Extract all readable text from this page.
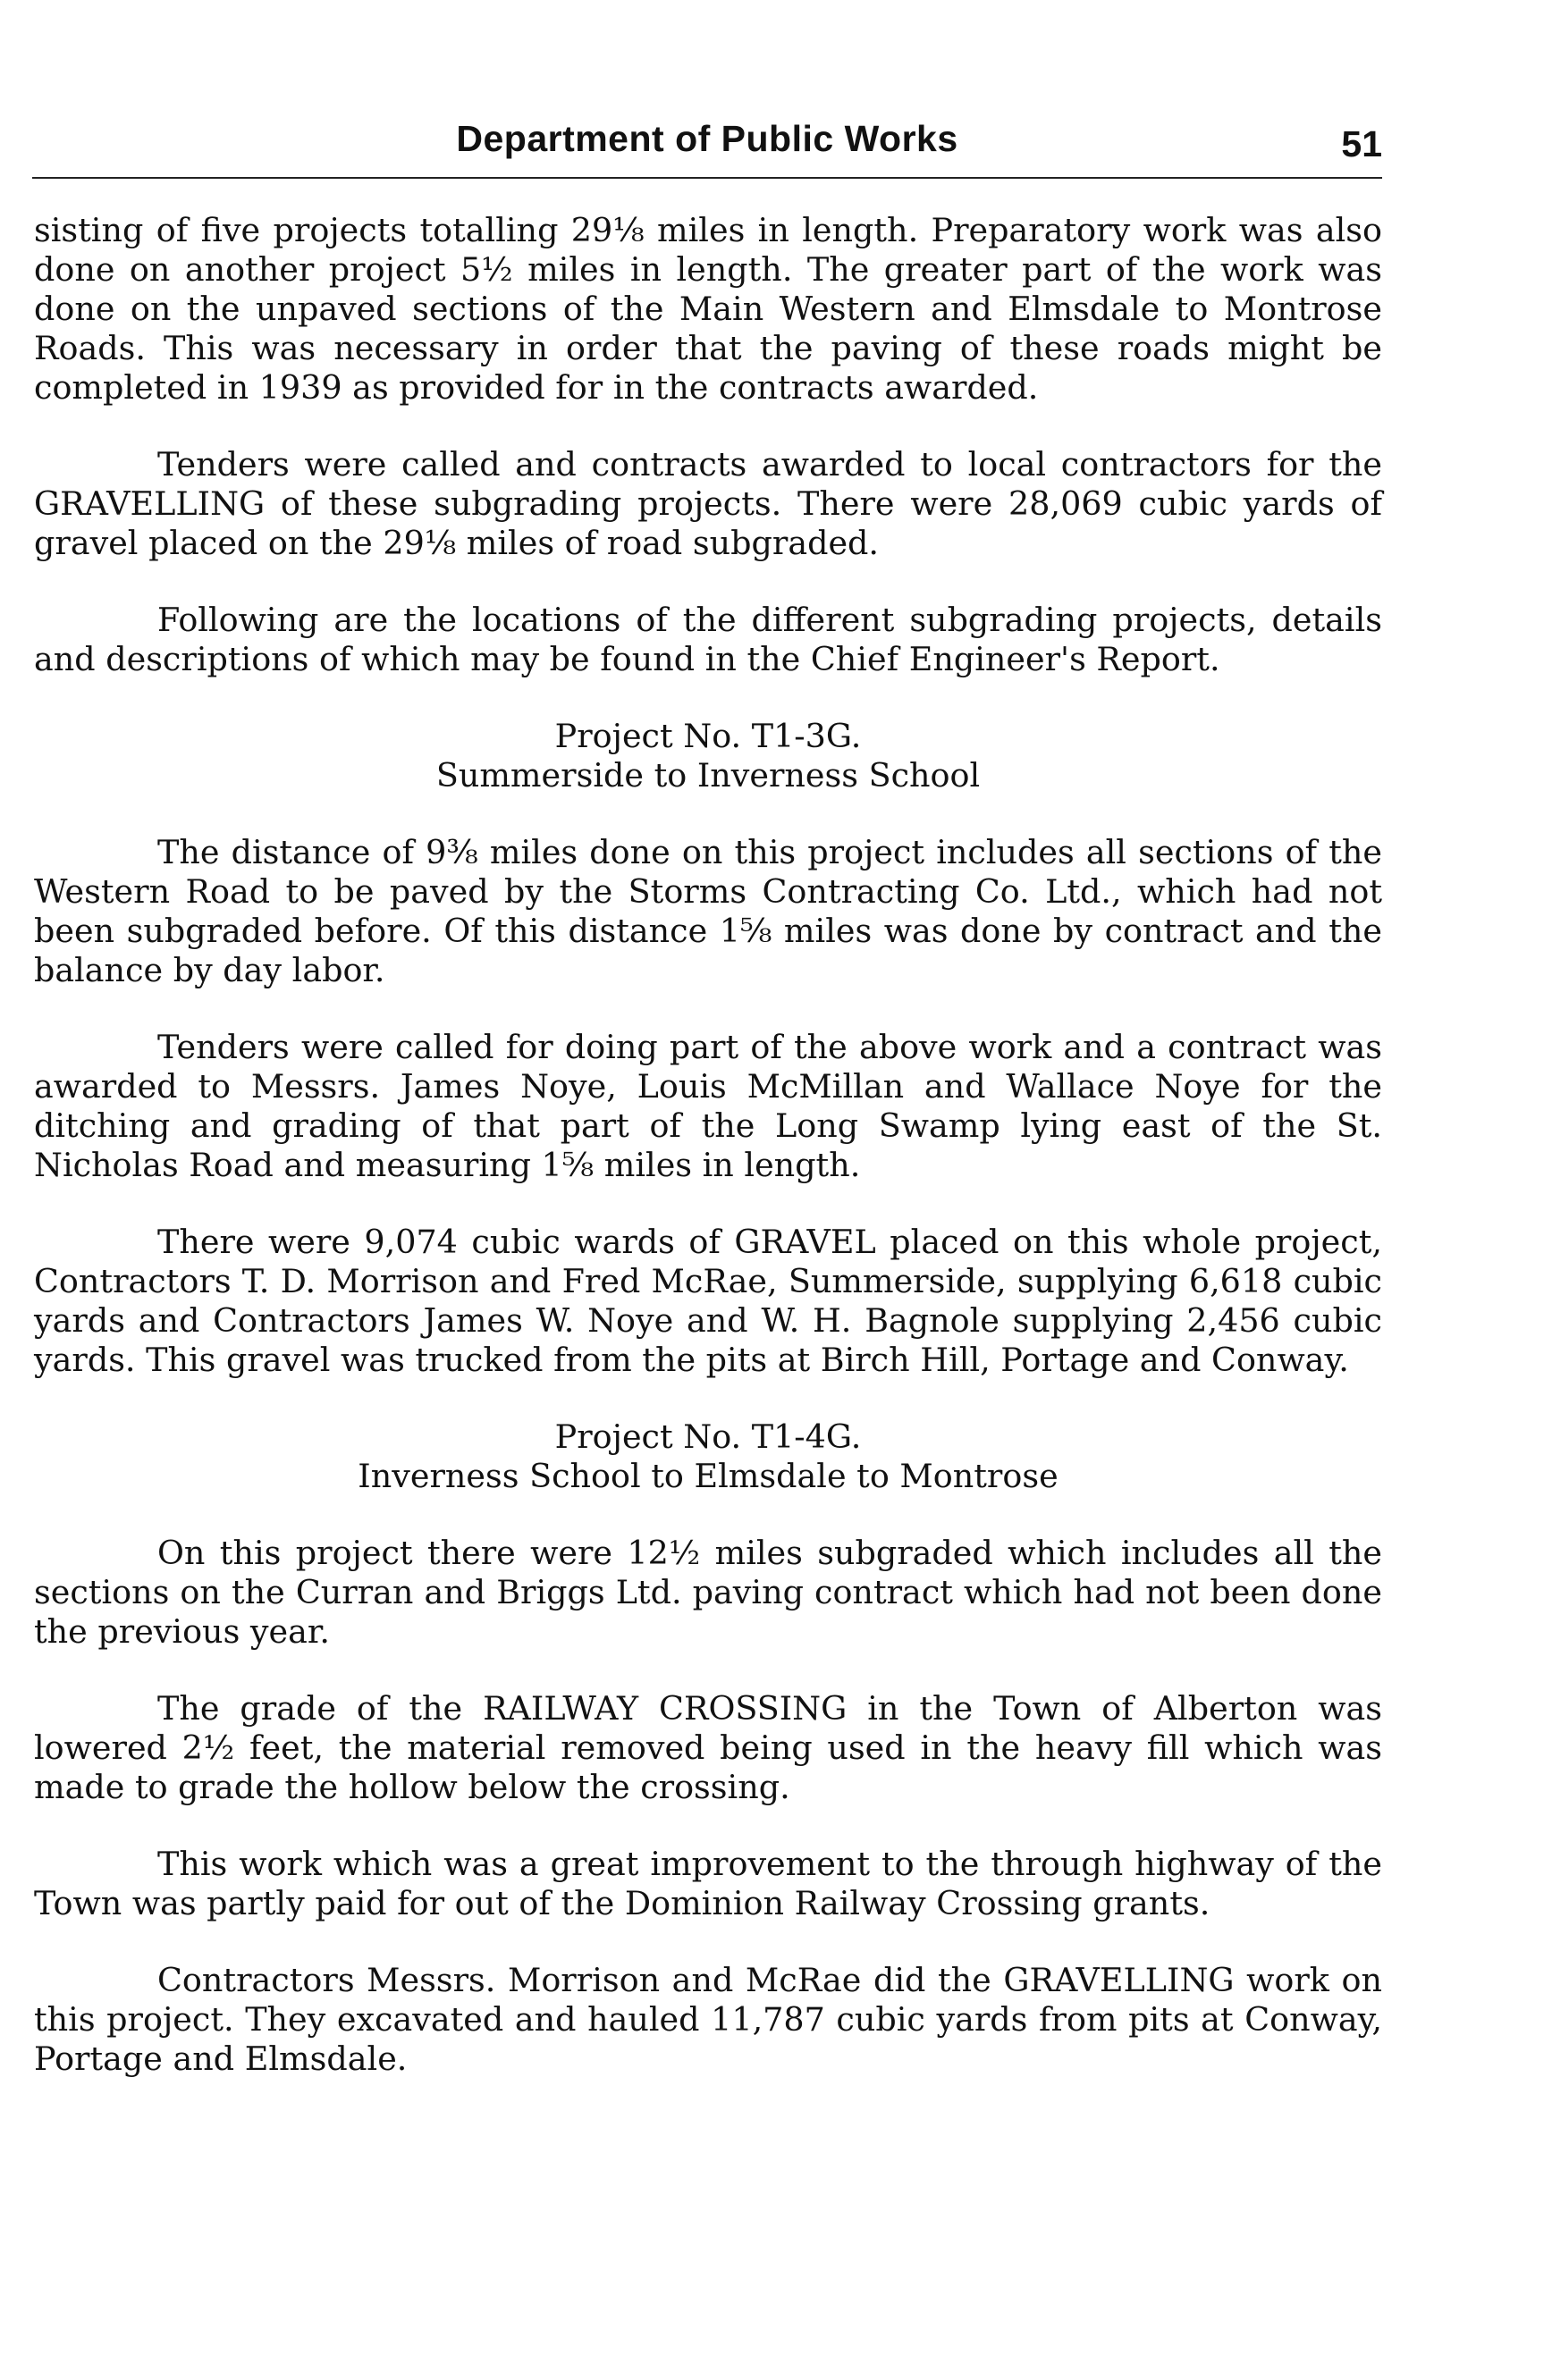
Department of Public Works	51

sisting of five projects totalling 29⅛ miles in length. Preparatory work was also done on another project 5½ miles in length. The greater part of the work was done on the unpaved sections of the Main Western and Elmsdale to Montrose Roads. This was necessary in order that the paving of these roads might be completed in 1939 as provided for in the contracts awarded.

Tenders were called and contracts awarded to local contractors for the GRAVELLING of these subgrading projects. There were 28,069 cubic yards of gravel placed on the 29⅛ miles of road subgraded.

Following are the locations of the different subgrading projects, details and descriptions of which may be found in the Chief Engineer's Report.

Project No. T1-3G.
Summerside to Inverness School

The distance of 9⅜ miles done on this project includes all sections of the Western Road to be paved by the Storms Contracting Co. Ltd., which had not been subgraded before. Of this distance 1⅝ miles was done by contract and the balance by day labor.

Tenders were called for doing part of the above work and a contract was awarded to Messrs. James Noye, Louis McMillan and Wallace Noye for the ditching and grading of that part of the Long Swamp lying east of the St. Nicholas Road and measuring 1⅝ miles in length.

There were 9,074 cubic wards of GRAVEL placed on this whole project, Contractors T. D. Morrison and Fred McRae, Summerside, supplying 6,618 cubic yards and Contractors James W. Noye and W. H. Bagnole supplying 2,456 cubic yards. This gravel was trucked from the pits at Birch Hill, Portage and Conway.

Project No. T1-4G.
Inverness School to Elmsdale to Montrose

On this project there were 12½ miles subgraded which includes all the sections on the Curran and Briggs Ltd. paving contract which had not been done the previous year.

The grade of the RAILWAY CROSSING in the Town of Alberton was lowered 2½ feet, the material removed being used in the heavy fill which was made to grade the hollow below the crossing.

This work which was a great improvement to the through highway of the Town was partly paid for out of the Dominion Railway Crossing grants.

Contractors Messrs. Morrison and McRae did the GRAVELLING work on this project. They excavated and hauled 11,787 cubic yards from pits at Conway, Portage and Elmsdale.
